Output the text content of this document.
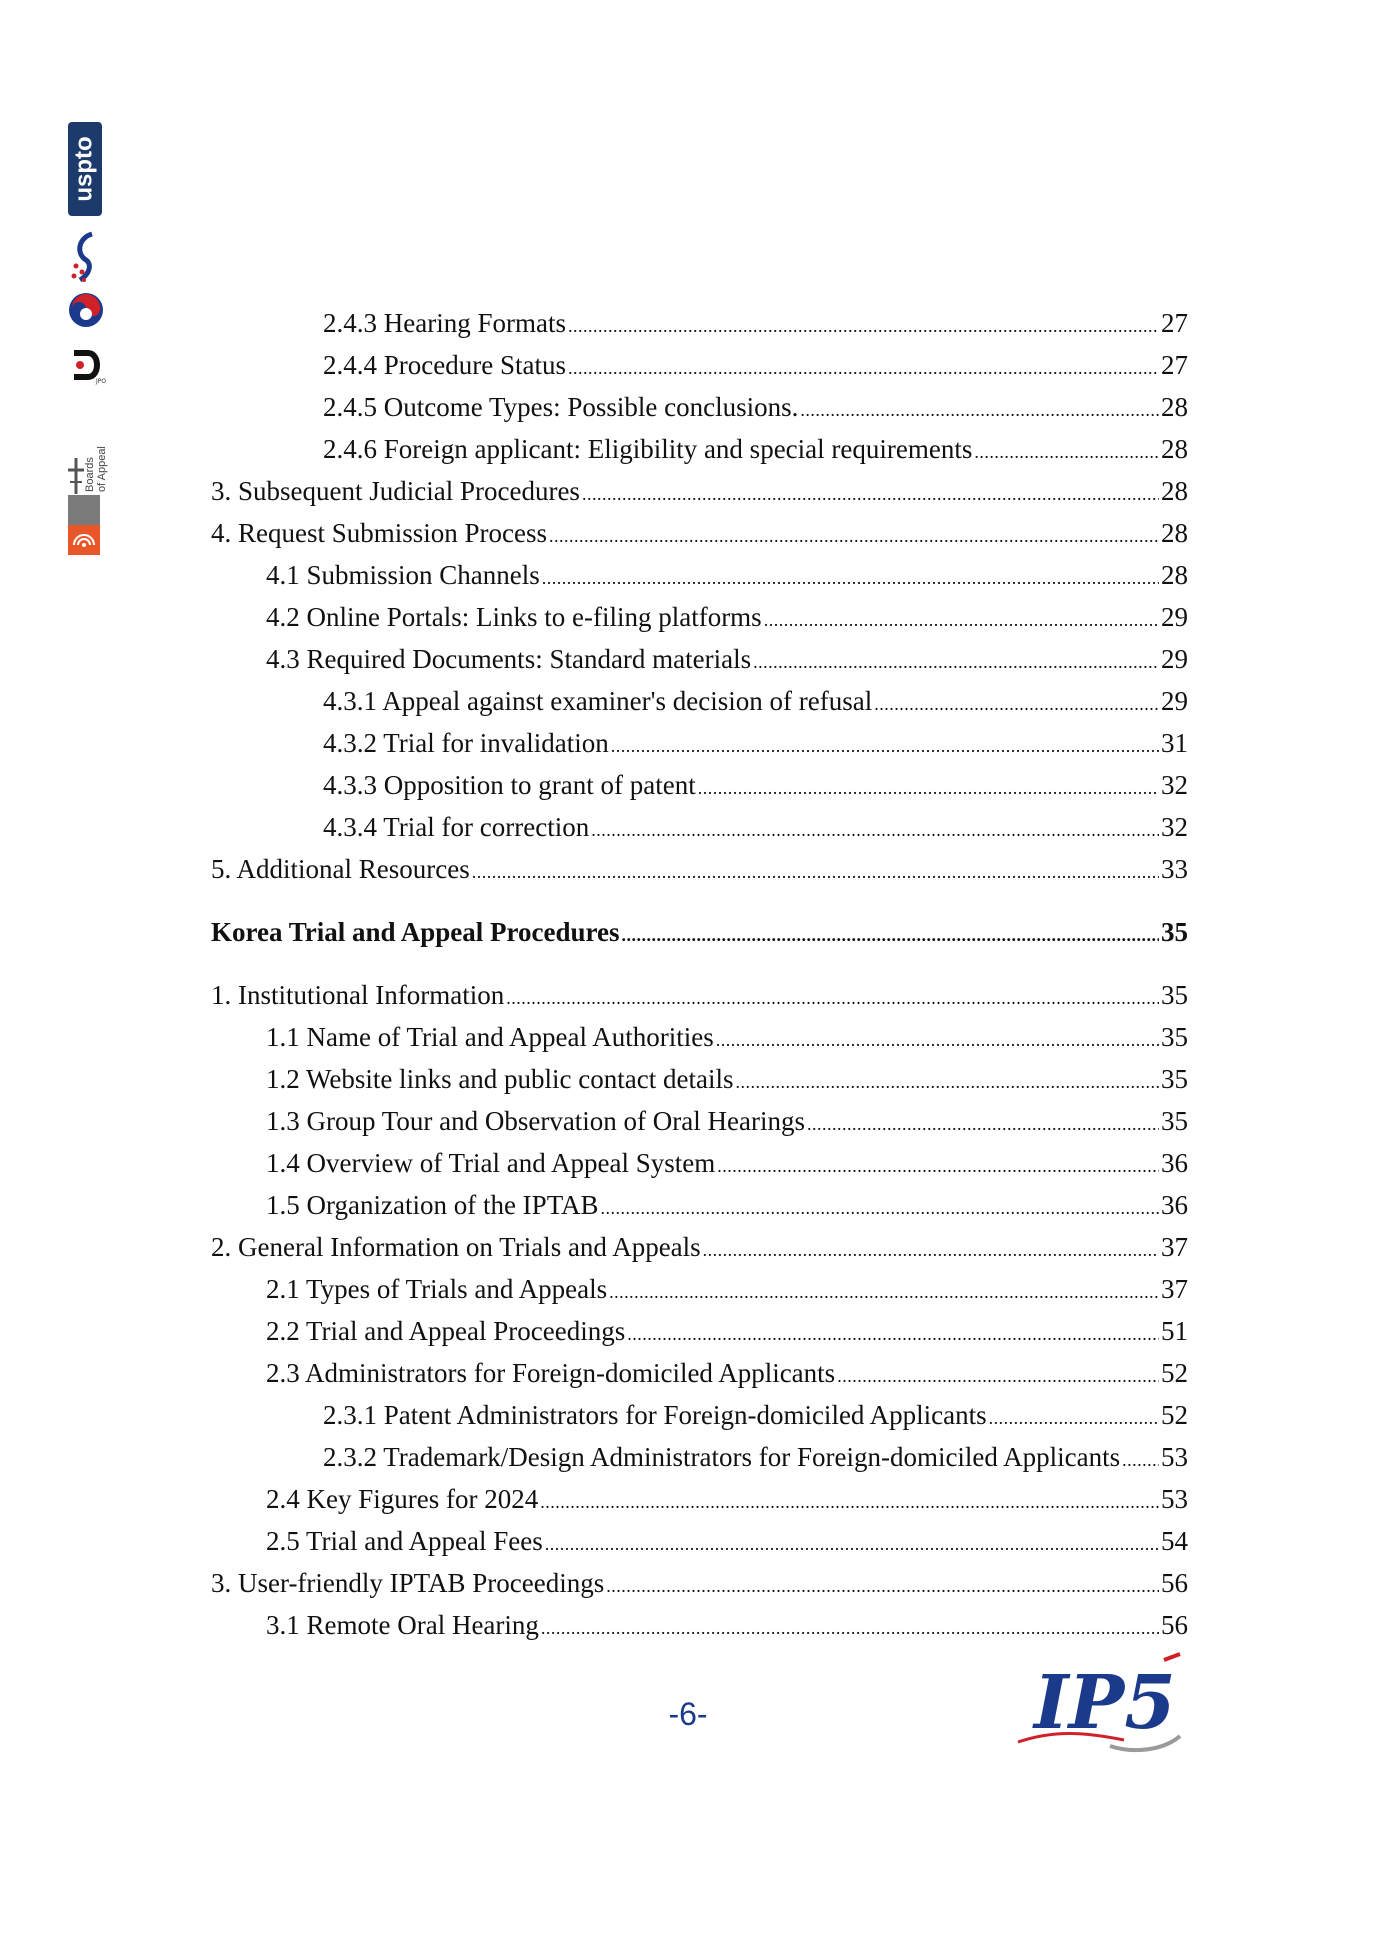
uspto
JPO
Boards of Appeal
2.4.3 Hearing Formats .....	27
2.4.4 Procedure Status .....	27
2.4.5 Outcome Types: Possible conclusions. .....	28
2.4.6 Foreign applicant: Eligibility and special requirements .....	28
3. Subsequent Judicial Procedures .....	28
4. Request Submission Process .....	28
4.1 Submission Channels .....	28
4.2 Online Portals: Links to e-filing platforms .....	29
4.3 Required Documents: Standard materials .....	29
4.3.1 Appeal against examiner's decision of refusal .....	29
4.3.2 Trial for invalidation .....	31
4.3.3 Opposition to grant of patent .....	32
4.3.4 Trial for correction .....	32
5. Additional Resources .....	33
Korea Trial and Appeal Procedures .....	35
1. Institutional Information .....	35
1.1 Name of Trial and Appeal Authorities .....	35
1.2 Website links and public contact details .....	35
1.3 Group Tour and Observation of Oral Hearings .....	35
1.4 Overview of Trial and Appeal System .....	36
1.5 Organization of the IPTAB .....	36
2. General Information on Trials and Appeals .....	37
2.1 Types of Trials and Appeals .....	37
2.2 Trial and Appeal Proceedings .....	51
2.3 Administrators for Foreign-domiciled Applicants .....	52
2.3.1 Patent Administrators for Foreign-domiciled Applicants .....	52
2.3.2 Trademark/Design Administrators for Foreign-domiciled Applicants ..... 53
2.4 Key Figures for 2024 .....	53
2.5 Trial and Appeal Fees .....	54
3. User-friendly IPTAB Proceedings .....	56
3.1 Remote Oral Hearing .....	56
-6-	IP5
